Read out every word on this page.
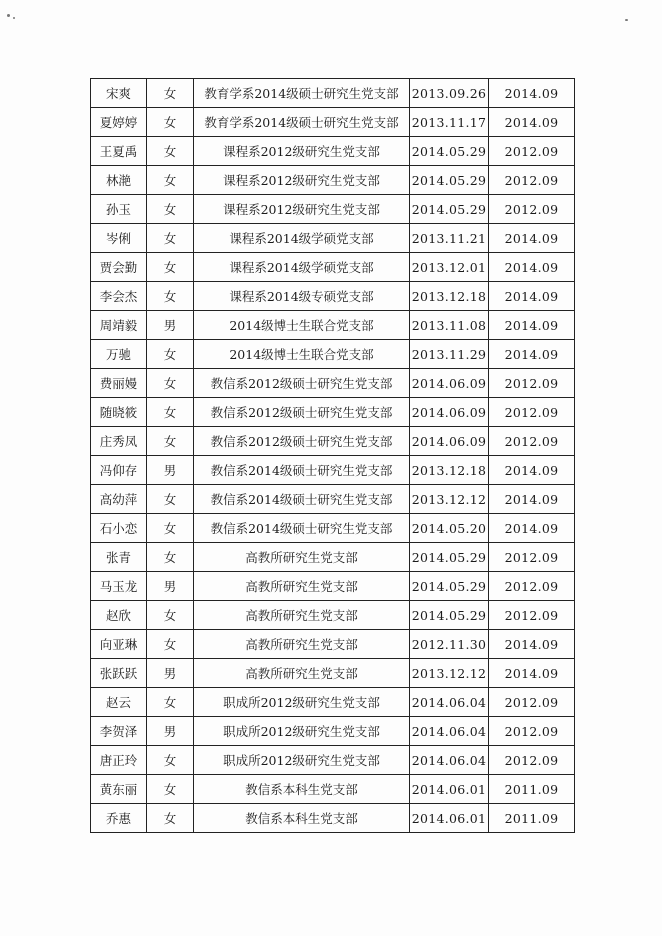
宋爽	女	教育学系2014级硕士研究生党支部	2013.09.26	2014.09
夏婷婷	女	教育学系2014级硕士研究生党支部	2013.11.17	2014.09
王夏禹	女	课程系2012级研究生党支部	2014.05.29	2012.09
林滟	女	课程系2012级研究生党支部	2014.05.29	2012.09
孙玉	女	课程系2012级研究生党支部	2014.05.29	2012.09
岑俐	女	课程系2014级学硕党支部	2013.11.21	2014.09
贾会勤	女	课程系2014级学硕党支部	2013.12.01	2014.09
李会杰	女	课程系2014级专硕党支部	2013.12.18	2014.09
周靖毅	男	2014级博士生联合党支部	2013.11.08	2014.09
万驰	女	2014级博士生联合党支部	2013.11.29	2014.09
费丽嫚	女	教信系2012级硕士研究生党支部	2014.06.09	2012.09
随晓筱	女	教信系2012级硕士研究生党支部	2014.06.09	2012.09
庄秀凤	女	教信系2012级硕士研究生党支部	2014.06.09	2012.09
冯仰存	男	教信系2014级硕士研究生党支部	2013.12.18	2014.09
高幼萍	女	教信系2014级硕士研究生党支部	2013.12.12	2014.09
石小恋	女	教信系2014级硕士研究生党支部	2014.05.20	2014.09
张青	女	高教所研究生党支部	2014.05.29	2012.09
马玉龙	男	高教所研究生党支部	2014.05.29	2012.09
赵欣	女	高教所研究生党支部	2014.05.29	2012.09
向亚琳	女	高教所研究生党支部	2012.11.30	2014.09
张跃跃	男	高教所研究生党支部	2013.12.12	2014.09
赵云	女	职成所2012级研究生党支部	2014.06.04	2012.09
李贺泽	男	职成所2012级研究生党支部	2014.06.04	2012.09
唐正玲	女	职成所2012级研究生党支部	2014.06.04	2012.09
黄东丽	女	教信系本科生党支部	2014.06.01	2011.09
乔惠	女	教信系本科生党支部	2014.06.01	2011.09
